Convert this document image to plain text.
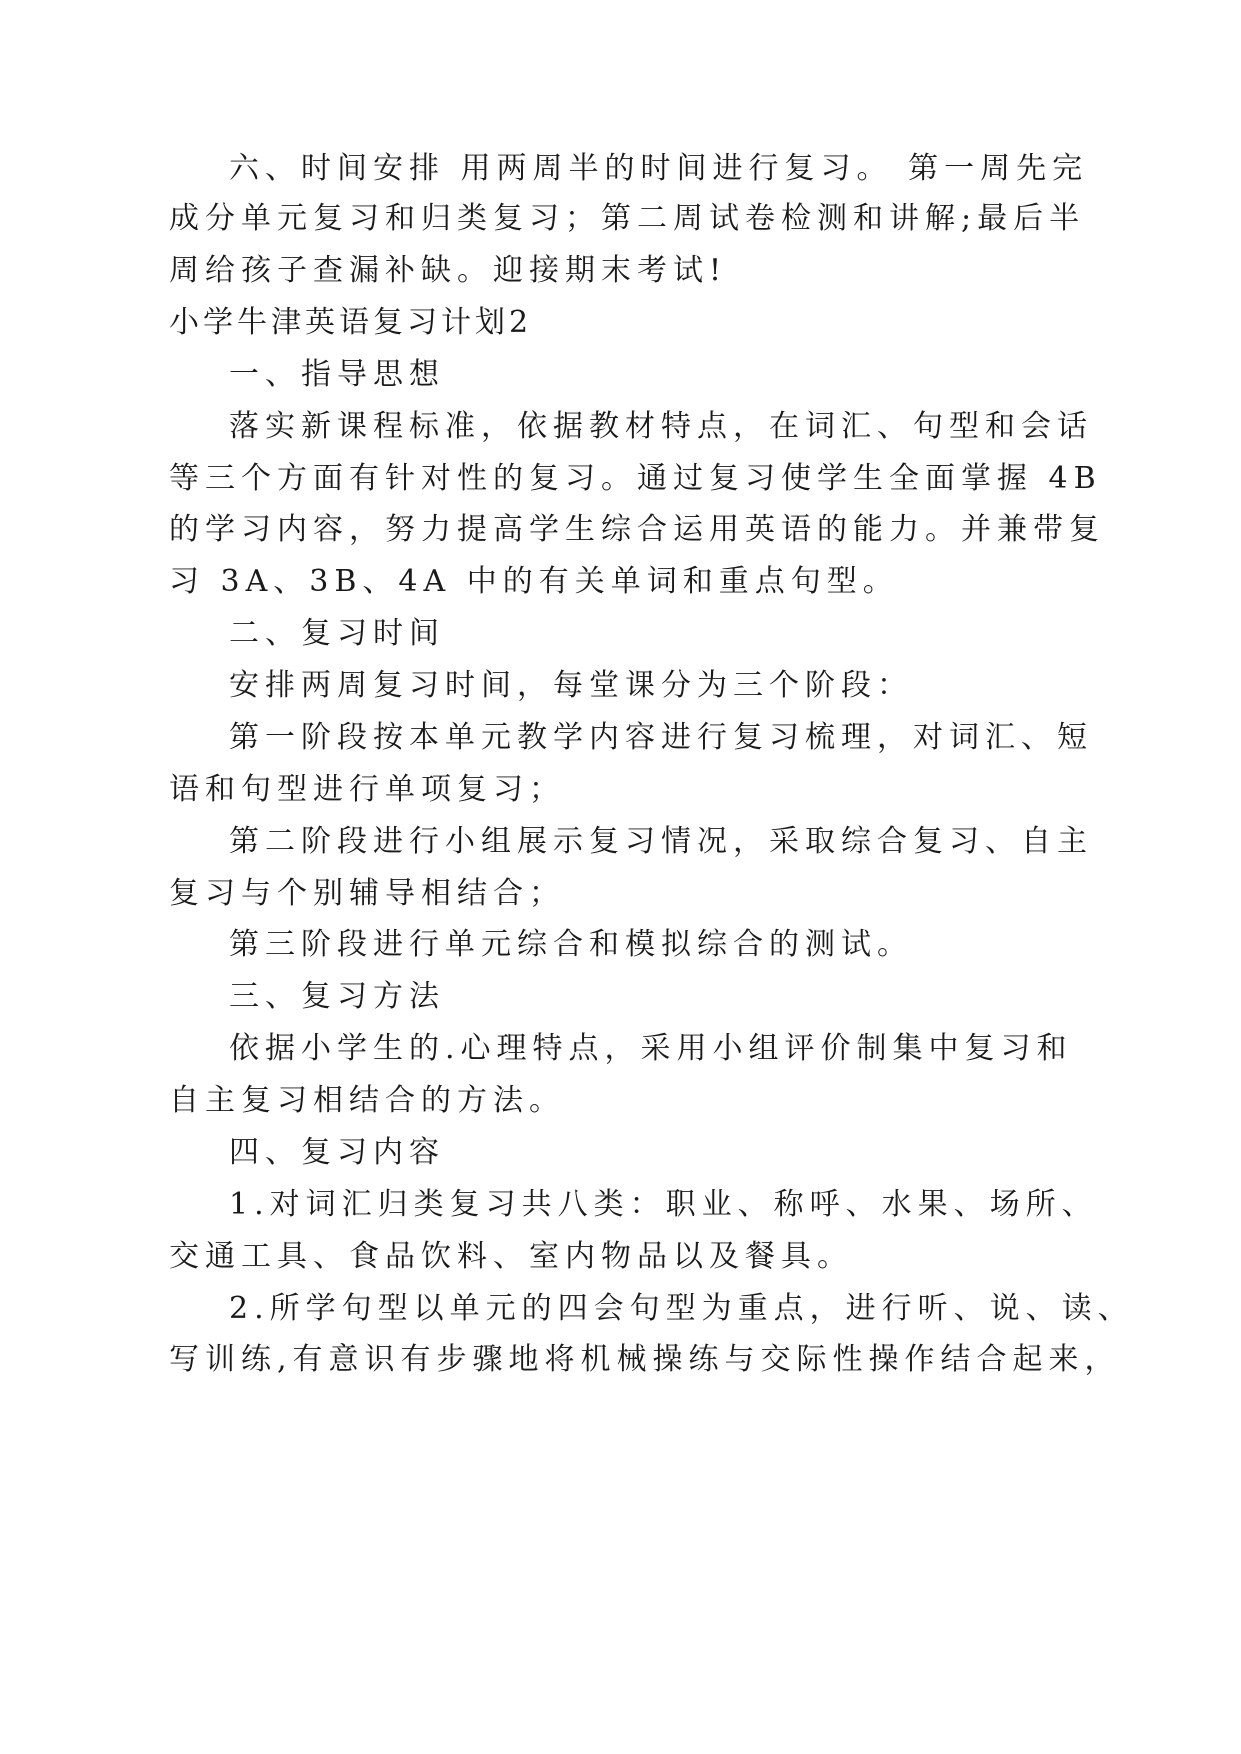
六、时间安排 用两周半的时间进行复习。 第一周先完

成分单元复习和归类复习；第二周试卷检测和讲解;最后半

周给孩子查漏补缺。迎接期末考试!

小学牛津英语复习计划2

一、指导思想

落实新课程标准，依据教材特点，在词汇、句型和会话

等三个方面有针对性的复习。通过复习使学生全面掌握 4B

的学习内容，努力提高学生综合运用英语的能力。并兼带复

习 3A、3B、4A 中的有关单词和重点句型。

二、复习时间

安排两周复习时间，每堂课分为三个阶段：

第一阶段按本单元教学内容进行复习梳理，对词汇、短

语和句型进行单项复习；

第二阶段进行小组展示复习情况，采取综合复习、自主

复习与个别辅导相结合；

第三阶段进行单元综合和模拟综合的测试。

三、复习方法

依据小学生的.心理特点，采用小组评价制集中复习和

自主复习相结合的方法。

四、复习内容

1.对词汇归类复习共八类：职业、称呼、水果、场所、

交通工具、食品饮料、室内物品以及餐具。

2.所学句型以单元的四会句型为重点，进行听、说、读、

写训练,有意识有步骤地将机械操练与交际性操作结合起来，
